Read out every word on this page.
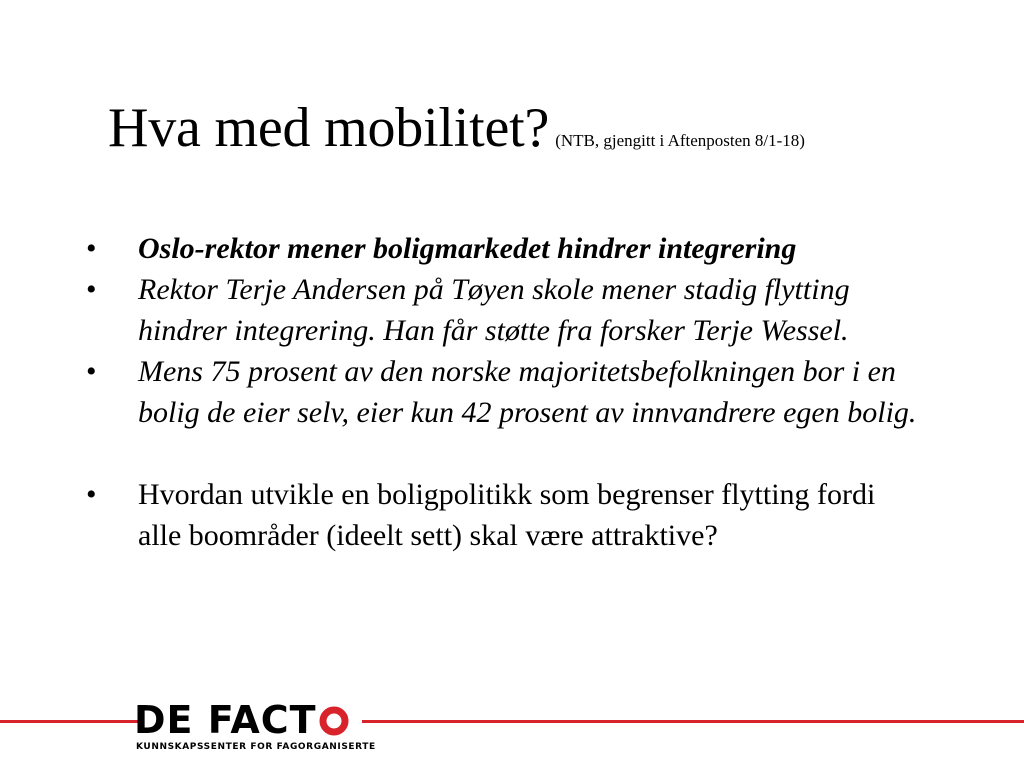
Hva med mobilitet? (NTB, gjengitt i Aftenposten 8/1-18)
•	Oslo-rektor mener boligmarkedet hindrer integrering
•	Rektor Terje Andersen på Tøyen skole mener stadig flytting hindrer integrering. Han får støtte fra forsker Terje Wessel.
•	Mens 75 prosent av den norske majoritetsbefolkningen bor i en bolig de eier selv, eier kun 42 prosent av innvandrere egen bolig.
•	Hvordan utvikle en boligpolitikk som begrenser flytting fordi alle boområder (ideelt sett) skal være attraktive?
DE FACT
KUNNSKAPSSENTER FOR FAGORGANISERTE
